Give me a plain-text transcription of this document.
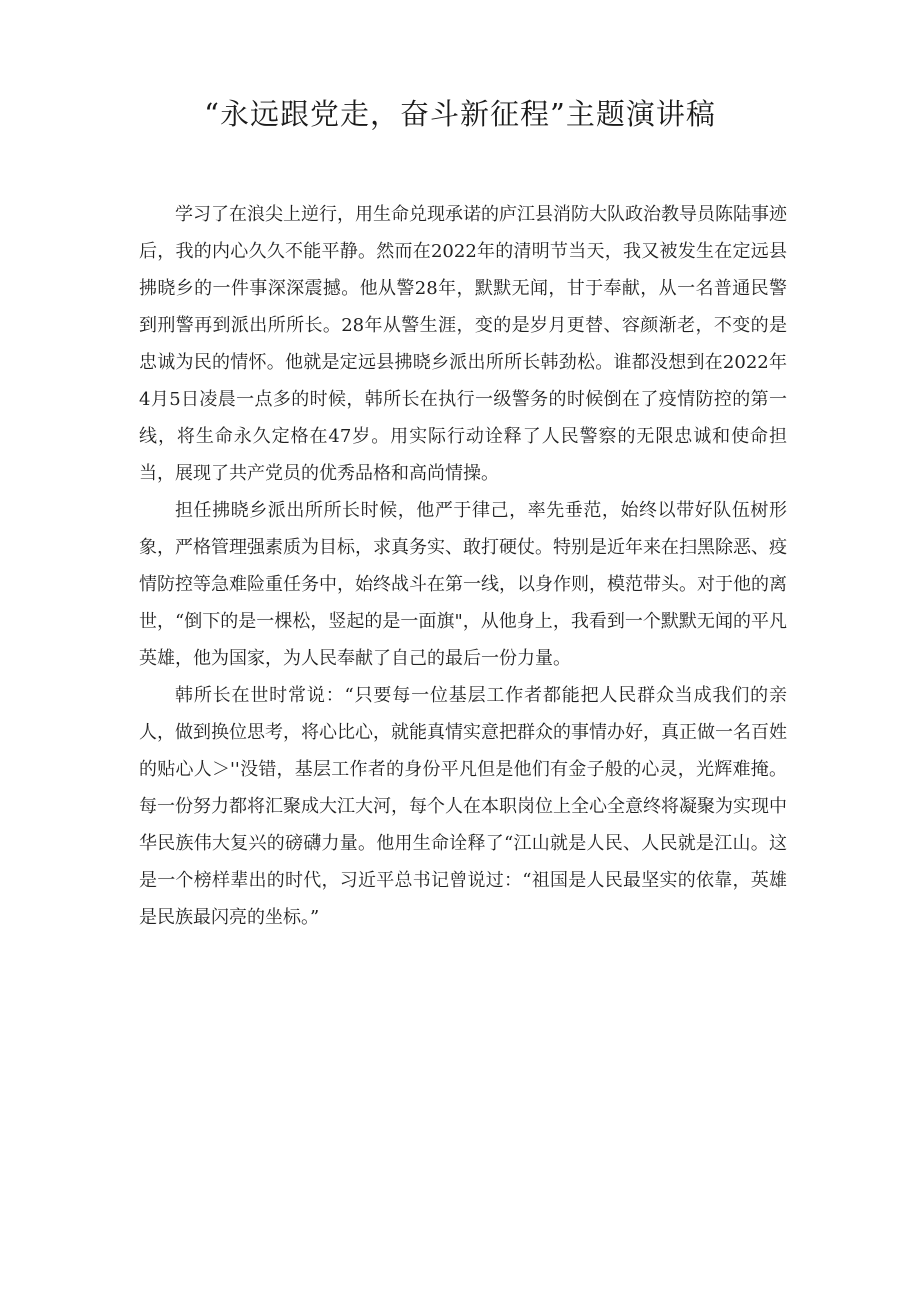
“永远跟党走，奋斗新征程”主题演讲稿

学习了在浪尖上逆行，用生命兑现承诺的庐江县消防大队政治教导员陈陆事迹后，我的内心久久不能平静。然而在2022年的清明节当天，我又被发生在定远县拂晓乡的一件事深深震撼。他从警28年，默默无闻，甘于奉献，从一名普通民警到刑警再到派出所所长。28年从警生涯，变的是岁月更替、容颜渐老，不变的是忠诚为民的情怀。他就是定远县拂晓乡派出所所长韩劲松。谁都没想到在2022年4月5日凌晨一点多的时候，韩所长在执行一级警务的时候倒在了疫情防控的第一线，将生命永久定格在47岁。用实际行动诠释了人民警察的无限忠诚和使命担当，展现了共产党员的优秀品格和高尚情操。

担任拂晓乡派出所所长时候，他严于律己，率先垂范，始终以带好队伍树形象，严格管理强素质为目标，求真务实、敢打硬仗。特别是近年来在扫黑除恶、疫情防控等急难险重任务中，始终战斗在第一线，以身作则，模范带头。对于他的离世，“倒下的是一棵松，竖起的是一面旗"，从他身上，我看到一个默默无闻的平凡英雄，他为国家，为人民奉献了自己的最后一份力量。

韩所长在世时常说：“只要每一位基层工作者都能把人民群众当成我们的亲人，做到换位思考，将心比心，就能真情实意把群众的事情办好，真正做一名百姓的贴心人＞''没错，基层工作者的身份平凡但是他们有金子般的心灵，光辉难掩。每一份努力都将汇聚成大江大河，每个人在本职岗位上全心全意终将凝聚为实现中华民族伟大复兴的磅礴力量。他用生命诠释了“江山就是人民、人民就是江山。这是一个榜样辈出的时代，习近平总书记曾说过：“祖国是人民最坚实的依靠，英雄是民族最闪亮的坐标。”
